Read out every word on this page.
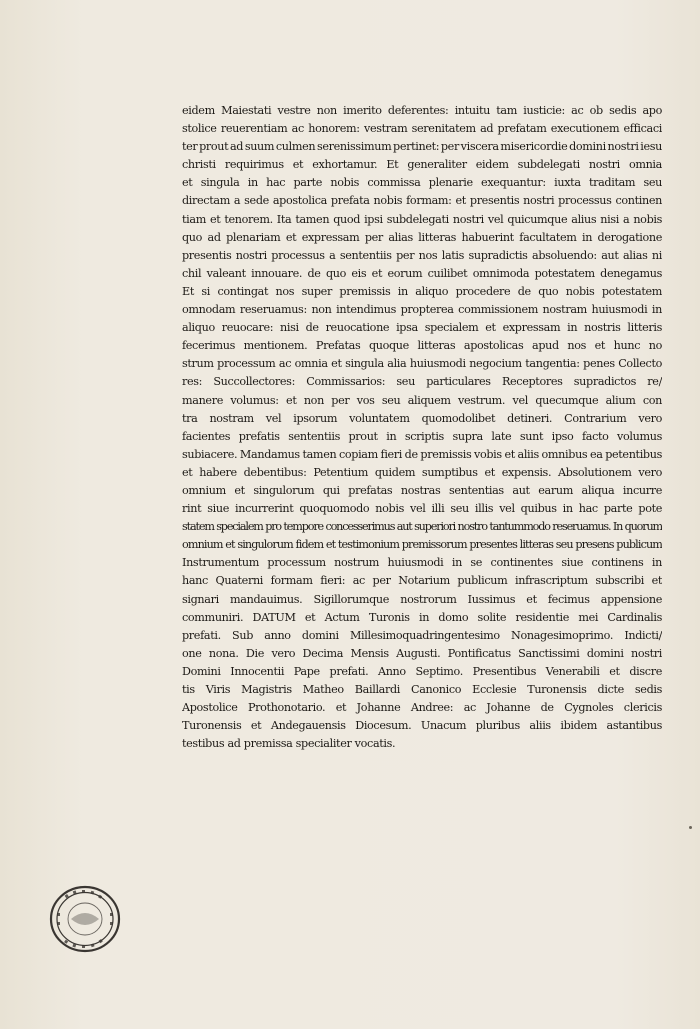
eidem Maiestati vestre non imerito deferentes: intuitu tam iusticie: ac ob sedis apo
stolice reuerentiam ac honorem: vestram serenitatem ad prefatam executionem efficaci
ter prout ad suum culmen serenissimum pertinet: per viscera misericordie domini nostri iesu
christi requirimus et exhortamur. Et generaliter eidem subdelegati nostri omnia
et singula in hac parte nobis commissa plenarie exequantur: iuxta traditam seu
directam a sede apostolica prefata nobis formam: et presentis nostri processus continen
tiam et tenorem. Ita tamen quod ipsi subdelegati nostri vel quicumque alius nisi a nobis
quo ad plenariam et expressam per alias litteras habuerint facultatem in derogatione
presentis nostri processus a sententiis per nos latis supradictis absoluendo: aut alias ni
chil valeant innouare. de quo eis et eorum cuilibet omnimoda potestatem denegamus
Et si contingat nos super premissis in aliquo procedere de quo nobis potestatem
omnodam reseruamus: non intendimus propterea commissionem nostram huiusmodi in
aliquo reuocare: nisi de reuocatione ipsa specialem et expressam in nostris litteris
fecerimus mentionem. Prefatas quoque litteras apostolicas apud nos et hunc no
strum processum ac omnia et singula alia huiusmodi negocium tangentia: penes Collecto
res: Succollectores: Commissarios: seu particulares Receptores supradictos re/
manere volumus: et non per vos seu aliquem vestrum. vel quecumque alium con
tra nostram vel ipsorum voluntatem quomodolibet detineri. Contrarium vero
facientes prefatis sententiis prout in scriptis supra late sunt ipso facto volumus
subiacere. Mandamus tamen copiam fieri de premissis vobis et aliis omnibus ea petentibus
et habere debentibus: Petentium quidem sumptibus et expensis. Absolutionem vero
omnium et singulorum qui prefatas nostras sententias aut earum aliqua incurre
rint siue incurrerint quoquomodo nobis vel illi seu illis vel quibus in hac parte pote
statem specialem pro tempore concesserimus aut superiori nostro tantummodo reseruamus. In quorum
omnium et singulorum fidem et testimonium premissorum presentes litteras seu presens publicum
Instrumentum processum nostrum huiusmodi in se continentes siue continens in
hanc Quaterni formam fieri: ac per Notarium publicum infrascriptum subscribi et
signari mandauimus. Sigillorumque nostrorum Iussimus et fecimus appensione
communiri. DATUM et Actum Turonis in domo solite residentie mei Cardinalis
prefati. Sub anno domini Millesimoquadringentesimo Nonagesimoprimo. Indicti/
one nona. Die vero Decima Mensis Augusti. Pontificatus Sanctissimi domini nostri
Domini Innocentii Pape prefati. Anno Septimo. Presentibus Venerabili et discre
tis Viris Magistris Matheo Baillardi Canonico Ecclesie Turonensis dicte sedis
Apostolice Prothonotario. et Johanne Andree: ac Johanne de Cygnoles clericis
Turonensis et Andegauensis Diocesum. Unacum pluribus aliis ibidem astantibus
testibus ad premissa specialiter vocatis.
